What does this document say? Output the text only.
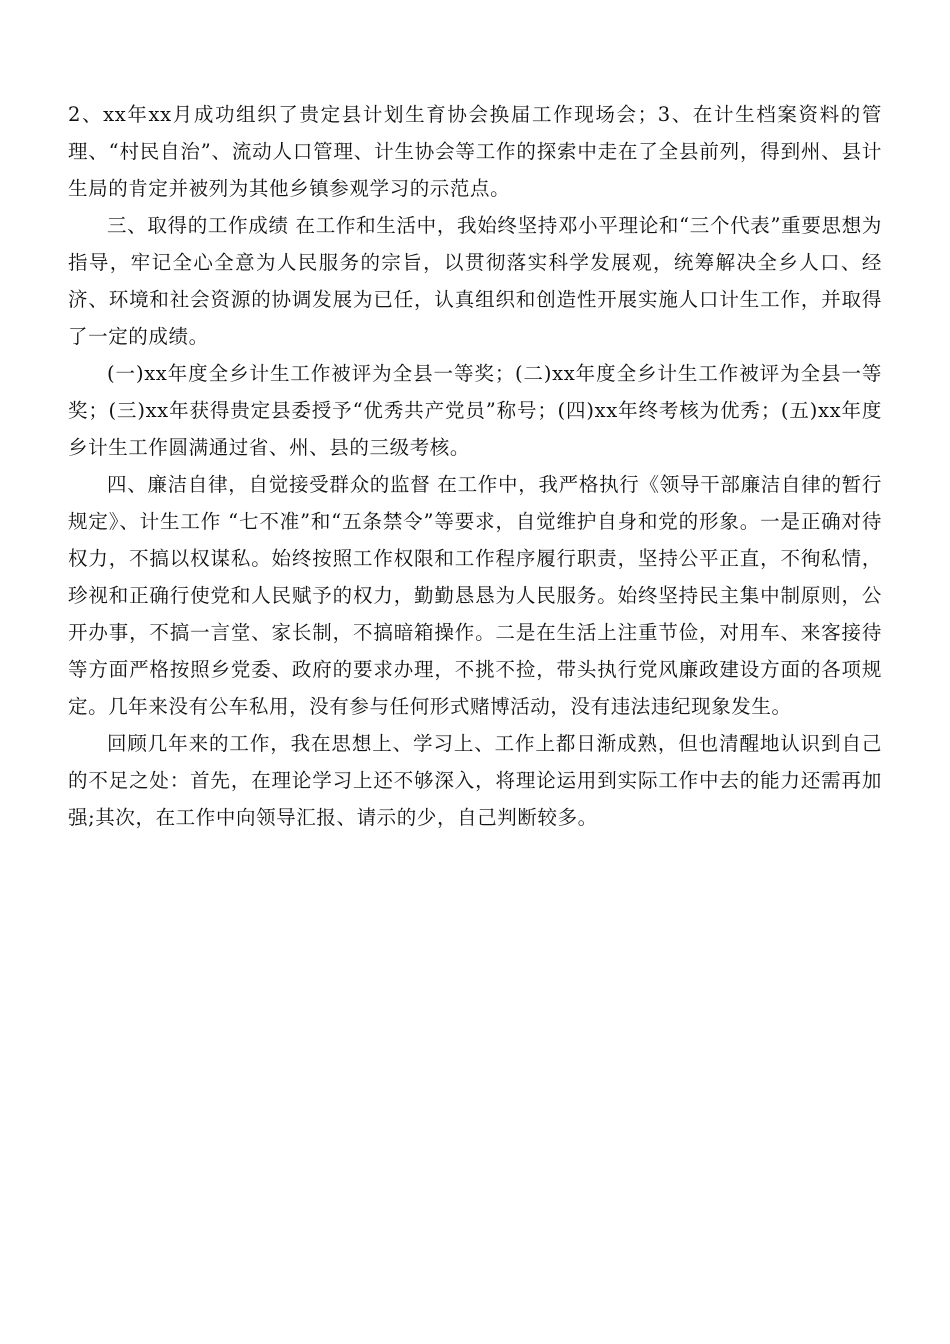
2、xx年xx月成功组织了贵定县计划生育协会换届工作现场会；3、在计生档案资料的管理、“村民自治”、流动人口管理、计生协会等工作的探索中走在了全县前列，得到州、县计生局的肯定并被列为其他乡镇参观学习的示范点。

三、取得的工作成绩 在工作和生活中，我始终坚持邓小平理论和“三个代表”重要思想为指导，牢记全心全意为人民服务的宗旨，以贯彻落实科学发展观，统筹解决全乡人口、经济、环境和社会资源的协调发展为已任，认真组织和创造性开展实施人口计生工作，并取得了一定的成绩。

(一)xx年度全乡计生工作被评为全县一等奖；(二)xx年度全乡计生工作被评为全县一等奖；(三)xx年获得贵定县委授予“优秀共产党员”称号；(四)xx年终考核为优秀；(五)xx年度乡计生工作圆满通过省、州、县的三级考核。

四、廉洁自律，自觉接受群众的监督 在工作中，我严格执行《领导干部廉洁自律的暂行规定》、计生工作 “七不准”和“五条禁令”等要求，自觉维护自身和党的形象。一是正确对待权力，不搞以权谋私。始终按照工作权限和工作程序履行职责，坚持公平正直，不徇私情，珍视和正确行使党和人民赋予的权力，勤勤恳恳为人民服务。始终坚持民主集中制原则，公开办事，不搞一言堂、家长制，不搞暗箱操作。二是在生活上注重节俭，对用车、来客接待等方面严格按照乡党委、政府的要求办理，不挑不捡，带头执行党风廉政建设方面的各项规定。几年来没有公车私用，没有参与任何形式赌博活动，没有违法违纪现象发生。

回顾几年来的工作，我在思想上、学习上、工作上都日渐成熟，但也清醒地认识到自己的不足之处：首先，在理论学习上还不够深入，将理论运用到实际工作中去的能力还需再加强;其次，在工作中向领导汇报、请示的少，自己判断较多。
